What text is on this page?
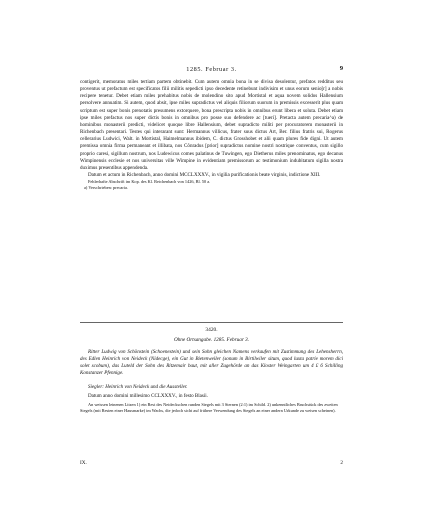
1285. Februar 3.	9

contigerit, memoratus miles tertiam partem obtinebit. Cum autem omnia bona in se divisa desolentur, prefatos redditus seu proventus ut prefactum est specificatos filii militis sepedicti ipso decedente retinebunt indivisim et unus eorum senio[r] a nobis recipere tenetur. Debet etiam miles prehabitus nobis de molendino sito apud Mortistal et aqua novem solidos Hallensium persolvere annuatim. Si autem, quod absit, ipse miles supradictus vel aliquis filiorum suorum in premissis excesserit plus quam scriptum est super bonis prenotatis presumens extorquere, bona prescripta nobis in omnibus erunt libera et soluta. Debet etiam ipse miles prefactus nos super dictis bonis in omnibus pro posse suo defendere ac [tueri]. Pretacta autem precaria^a) de hominibus monasterii predicti, videlicet quoque libre Hallensium, debet supradicto militi per procuratorem monasterii in Richenbach presentari. Testes qui interarant sunt: Hermannus villicus, frater suus dictus Art, Ber. filius fratris sui, Rogerus cellerarius Ludwici, Walt. in Mortistal, Haimelmannus ibidem, C. dictus Grosshobet et alii quam plures fide digni. Ut autem premissa omnia firma permaneant et illibata, nos Cônradus [prior] supradictus nomine nostri nostrique conventus, cum sigillo proprio caresi, sigillum nostrum, nos Ludewicus comes palatinus de Tuwingen, ego Dietherus miles prenominatus, ego decanus Wimpinensis ecclesie et nos universitas ville Wimpine in evidentiam premissorum ac testimonium indubitatum sigilla nostra duximus presentibus appendenda.

Datum et actum in Richenbach, anno domini MCCLXXXV., in vigilia purificationis beate virginis, indictione XIII.

Fehlerhafte Abschrift im Kop. des Kl. Reichenbach von 1426, Bl. 50 a.

a) Verschrieben: precaria.

3420.
Ohne Ortsangabe. 1285. Februar 3.

Ritter Ludwig von Schönstein (Schoenestein) und sein Sohn gleichen Namens verkaufen mit Zustimmung des Lehensherrn, des Edlen Heinrich von Neideck (Nidecge), ein Gut in Bietenweiler (sonum in Birtilwiler situm, quod luxta patrie morem dici solet scobum), das Luteld der Sohn des Ritzemair baut, mit aller Zugehörde an das Kloster Weingarten um 4 £ 6 Schilling Konstanzer Pfennige.

Siegler: Heinrich von Neideck und die Aussteller.

Datum anno domini millesimo CCLXXXV., in festo Blasii.

An weissen leinenen Litzen 1) ein Rest des Neideckschen runden Siegels mit 3 Sternen (2:1) im Schild. 2) unkenntliches Bruchstück des zweiten Siegels (mit Resten einer Hausmarke) im Wachs, die jedoch sicht auf frühere Verwendung des Siegels an einer andern Urkunde zu weisen scheinen).

IX.	2
